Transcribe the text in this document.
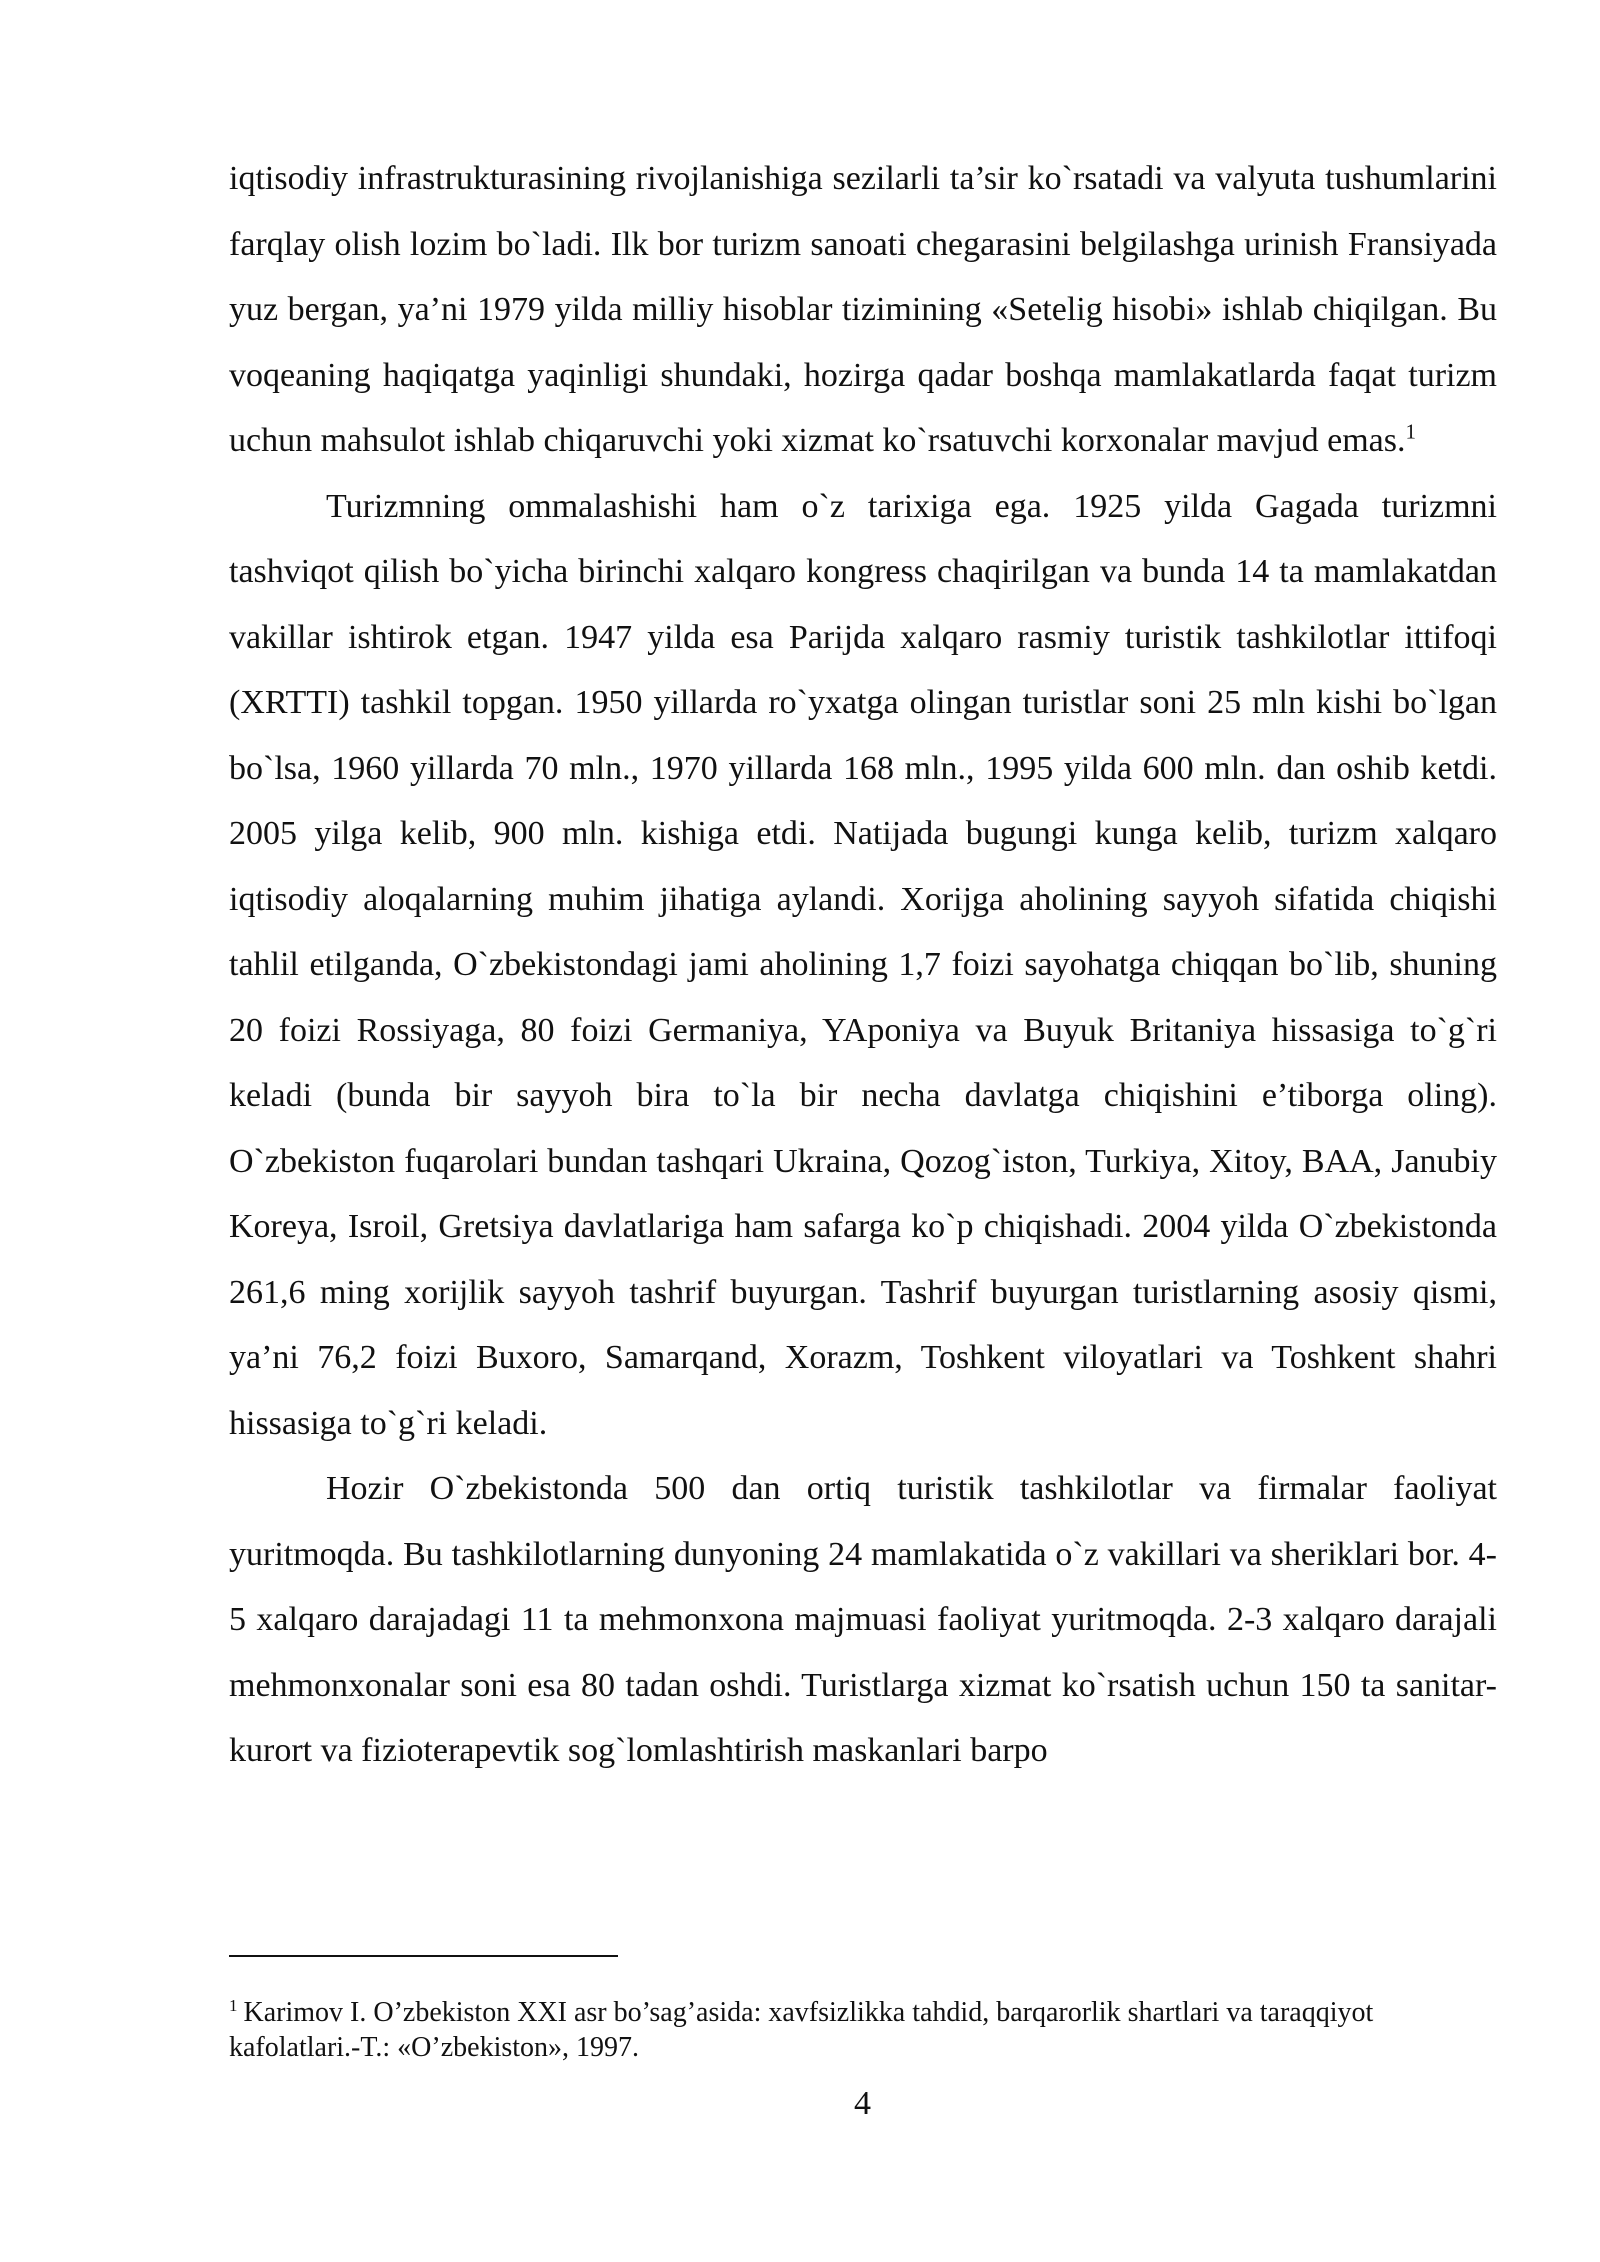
iqtisodiy infrastrukturasining rivojlanishiga sezilarli ta’sir ko`rsatadi va valyuta tushumlarini farqlay olish lozim bo`ladi. Ilk bor turizm sanoati chegarasini belgilashga urinish Fransiyada yuz bergan, ya’ni 1979 yilda milliy hisoblar tizimining «Setelig hisobi» ishlab chiqilgan. Bu voqeaning haqiqatga yaqinligi shundaki, hozirga qadar boshqa mamlakatlarda faqat turizm uchun mahsulot ishlab chiqaruvchi yoki xizmat ko`rsatuvchi korxonalar mavjud emas.$^1$

Turizmning ommalashishi ham o`z tarixiga ega. 1925 yilda Gagada turizmni tashviqot qilish bo`yicha birinchi xalqaro kongress chaqirilgan va bunda 14 ta mamlakatdan vakillar ishtirok etgan. 1947 yilda esa Parijda xalqaro rasmiy turistik tashkilotlar ittifoqi (XRTTI) tashkil topgan. 1950 yillarda ro`yxatga olingan turistlar soni 25 mln kishi bo`lgan bo`lsa, 1960 yillarda 70 mln., 1970 yillarda 168 mln., 1995 yilda 600 mln. dan oshib ketdi. 2005 yilga kelib, 900 mln. kishiga etdi. Natijada bugungi kunga kelib, turizm xalqaro iqtisodiy aloqalarning muhim jihatiga aylandi. Xorijga aholining sayyoh sifatida chiqishi tahlil etilganda, O`zbekistondagi jami aholining 1,7 foizi sayohatga chiqqan bo`lib, shuning 20 foizi Rossiyaga, 80 foizi Germaniya, YAponiya va Buyuk Britaniya hissasiga to`g`ri keladi (bunda bir sayyoh bira to`la bir necha davlatga chiqishini e’tiborga oling). O`zbekiston fuqarolari bundan tashqari Ukraina, Qozog`iston, Turkiya, Xitoy, BAA, Janubiy Koreya, Isroil, Gretsiya davlatlariga ham safarga ko`p chiqishadi. 2004 yilda O`zbekistonda 261,6 ming xorijlik sayyoh tashrif buyurgan. Tashrif buyurgan turistlarning asosiy qismi, ya’ni 76,2 foizi Buxoro, Samarqand, Xorazm, Toshkent viloyatlari va Toshkent shahri hissasiga to`g`ri keladi.

Hozir O`zbekistonda 500 dan ortiq turistik tashkilotlar va firmalar faoliyat yuritmoqda. Bu tashkilotlarning dunyoning 24 mamlakatida o`z vakillari va sheriklari bor. 4-5 xalqaro darajadagi 11 ta mehmonxona majmuasi faoliyat yuritmoqda. 2-3 xalqaro darajali mehmonxonalar soni esa 80 tadan oshdi. Turistlarga xizmat ko`rsatish uchun 150 ta sanitar-kurort va fizioterapevtik sog`lomlashtirish maskanlari barpo

$^1$ Karimov I. O’zbekiston XXI asr bo’sag’asida: xavfsizlikka tahdid, barqarorlik shartlari va taraqqiyot kafolatlari.-T.: «O’zbekiston», 1997.
4
